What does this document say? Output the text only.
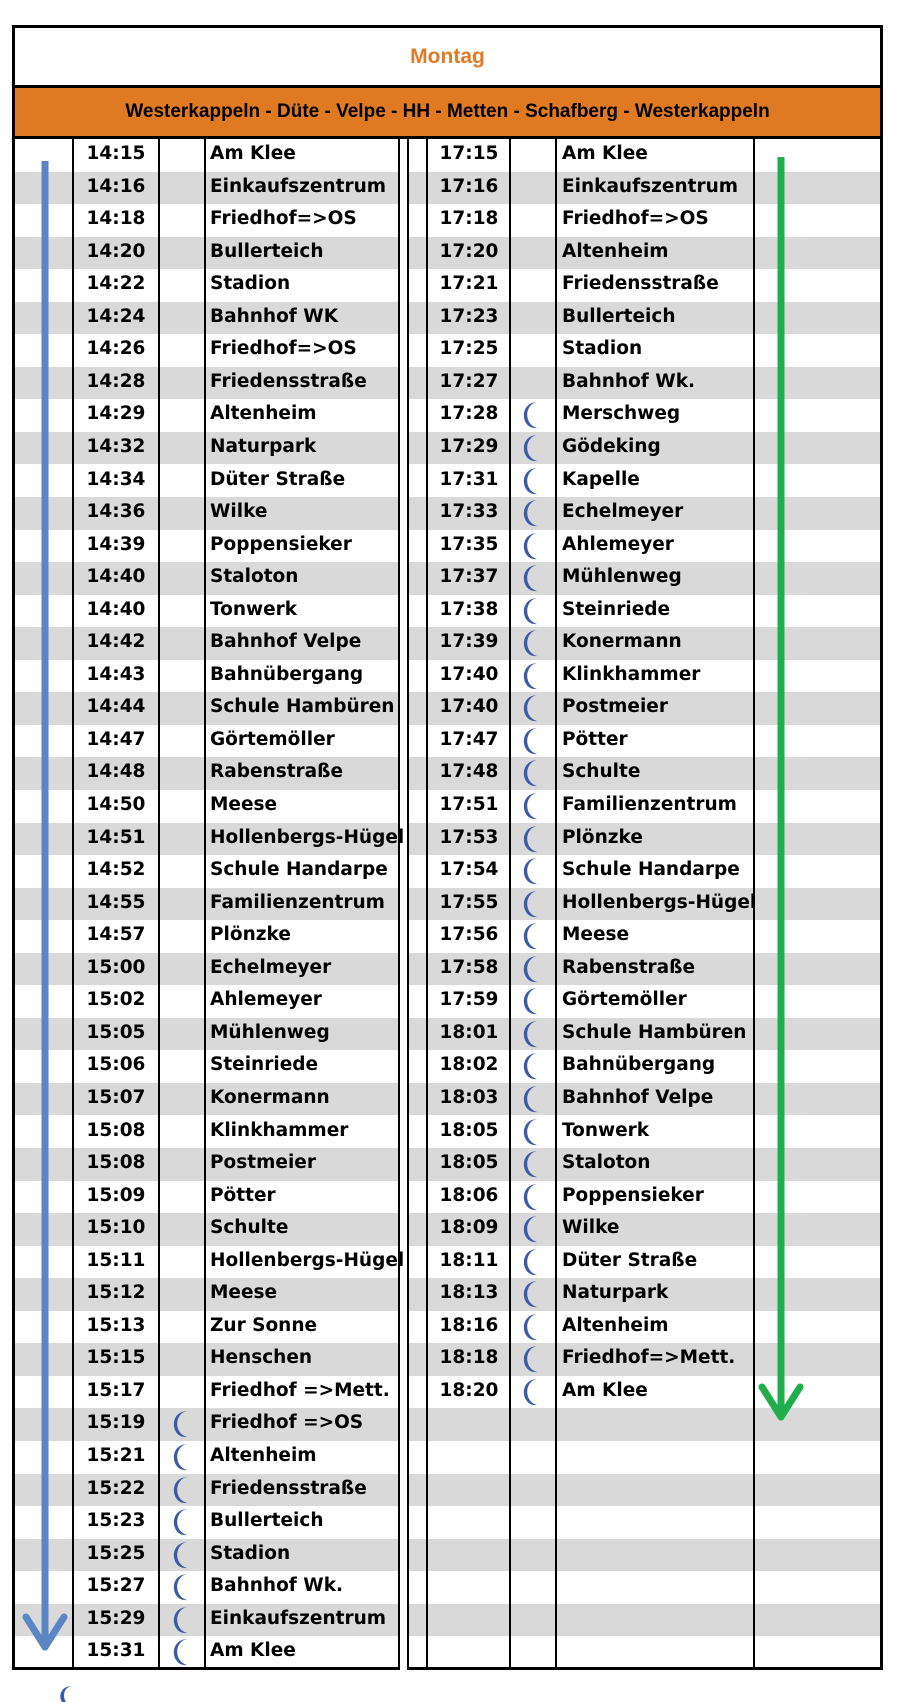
Montag
Westerkappeln - Düte - Velpe - HH - Metten - Schafberg - Westerkappeln
14:15	Am Klee
14:16	Einkaufszentrum
14:18	Friedhof=>OS
14:20	Bullerteich
14:22	Stadion
14:24	Bahnhof WK
14:26	Friedhof=>OS
14:28	Friedensstraße
14:29	Altenheim
14:32	Naturpark
14:34	Düter Straße
14:36	Wilke
14:39	Poppensieker
14:40	Staloton
14:40	Tonwerk
14:42	Bahnhof Velpe
14:43	Bahnübergang
14:44	Schule Hambüren
14:47	Görtemöller
14:48	Rabenstraße
14:50	Meese
14:51	Hollenbergs-Hügel
14:52	Schule Handarpe
14:55	Familienzentrum
14:57	Plönzke
15:00	Echelmeyer
15:02	Ahlemeyer
15:05	Mühlenweg
15:06	Steinriede
15:07	Konermann
15:08	Klinkhammer
15:08	Postmeier
15:09	Pötter
15:10	Schulte
15:11	Hollenbergs-Hügel
15:12	Meese
15:13	Zur Sonne
15:15	Henschen
15:17	Friedhof =>Mett.
15:19	Friedhof =>OS
15:21	Altenheim
15:22	Friedensstraße
15:23	Bullerteich
15:25	Stadion
15:27	Bahnhof Wk.
15:29	Einkaufszentrum
15:31	Am Klee
17:15	Am Klee
17:16	Einkaufszentrum
17:18	Friedhof=>OS
17:20	Altenheim
17:21	Friedensstraße
17:23	Bullerteich
17:25	Stadion
17:27	Bahnhof Wk.
17:28	Merschweg
17:29	Gödeking
17:31	Kapelle
17:33	Echelmeyer
17:35	Ahlemeyer
17:37	Mühlenweg
17:38	Steinriede
17:39	Konermann
17:40	Klinkhammer
17:40	Postmeier
17:47	Pötter
17:48	Schulte
17:51	Familienzentrum
17:53	Plönzke
17:54	Schule Handarpe
17:55	Hollenbergs-Hügel
17:56	Meese
17:58	Rabenstraße
17:59	Görtemöller
18:01	Schule Hambüren
18:02	Bahnübergang
18:03	Bahnhof Velpe
18:05	Tonwerk
18:05	Staloton
18:06	Poppensieker
18:09	Wilke
18:11	Düter Straße
18:13	Naturpark
18:16	Altenheim
18:18	Friedhof=>Mett.
18:20	Am Klee
